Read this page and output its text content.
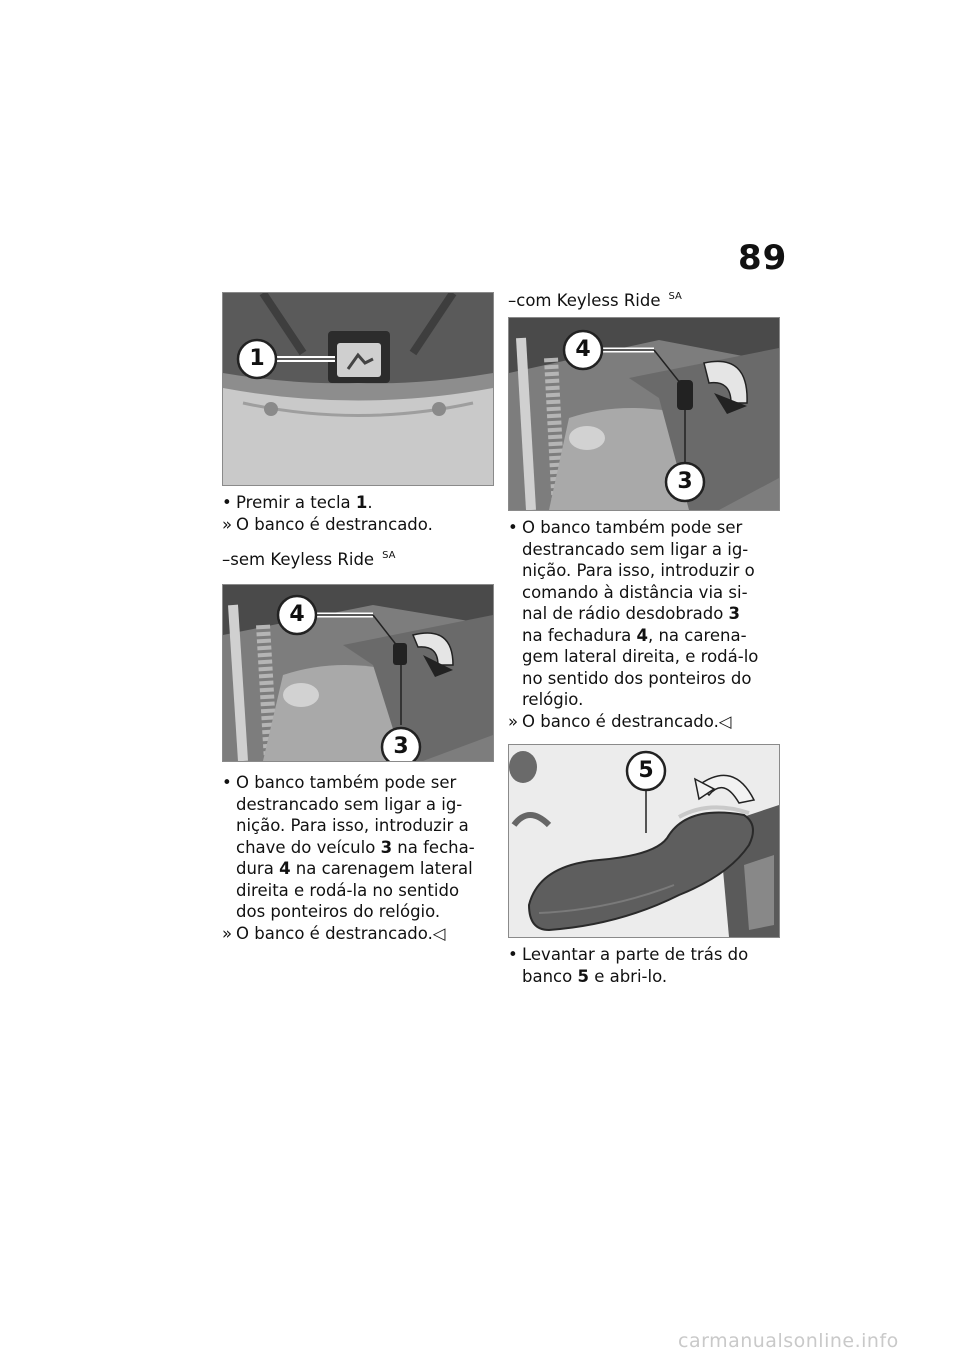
89
1
• Premir a tecla 1.
» O banco é destrancado.
–sem Keyless Ride $^{SA}$
4
3
• O banco também pode ser
destrancado sem ligar a ig-
nição. Para isso, introduzir a
chave do veículo 3 na fecha-
dura 4 na carenagem lateral
direita e rodá-la no sentido
dos ponteiros do relógio.
» O banco é destrancado.◁
–com Keyless Ride $^{SA}$
4
3
• O banco também pode ser
destrancado sem ligar a ig-
nição. Para isso, introduzir o
comando à distância via si-
nal de rádio desdobrado 3
na fechadura 4, na carena-
gem lateral direita, e rodá-lo
no sentido dos ponteiros do
relógio.
» O banco é destrancado.◁
5
• Levantar a parte de trás do
banco 5 e abri-lo.
carmanualsonline.info
